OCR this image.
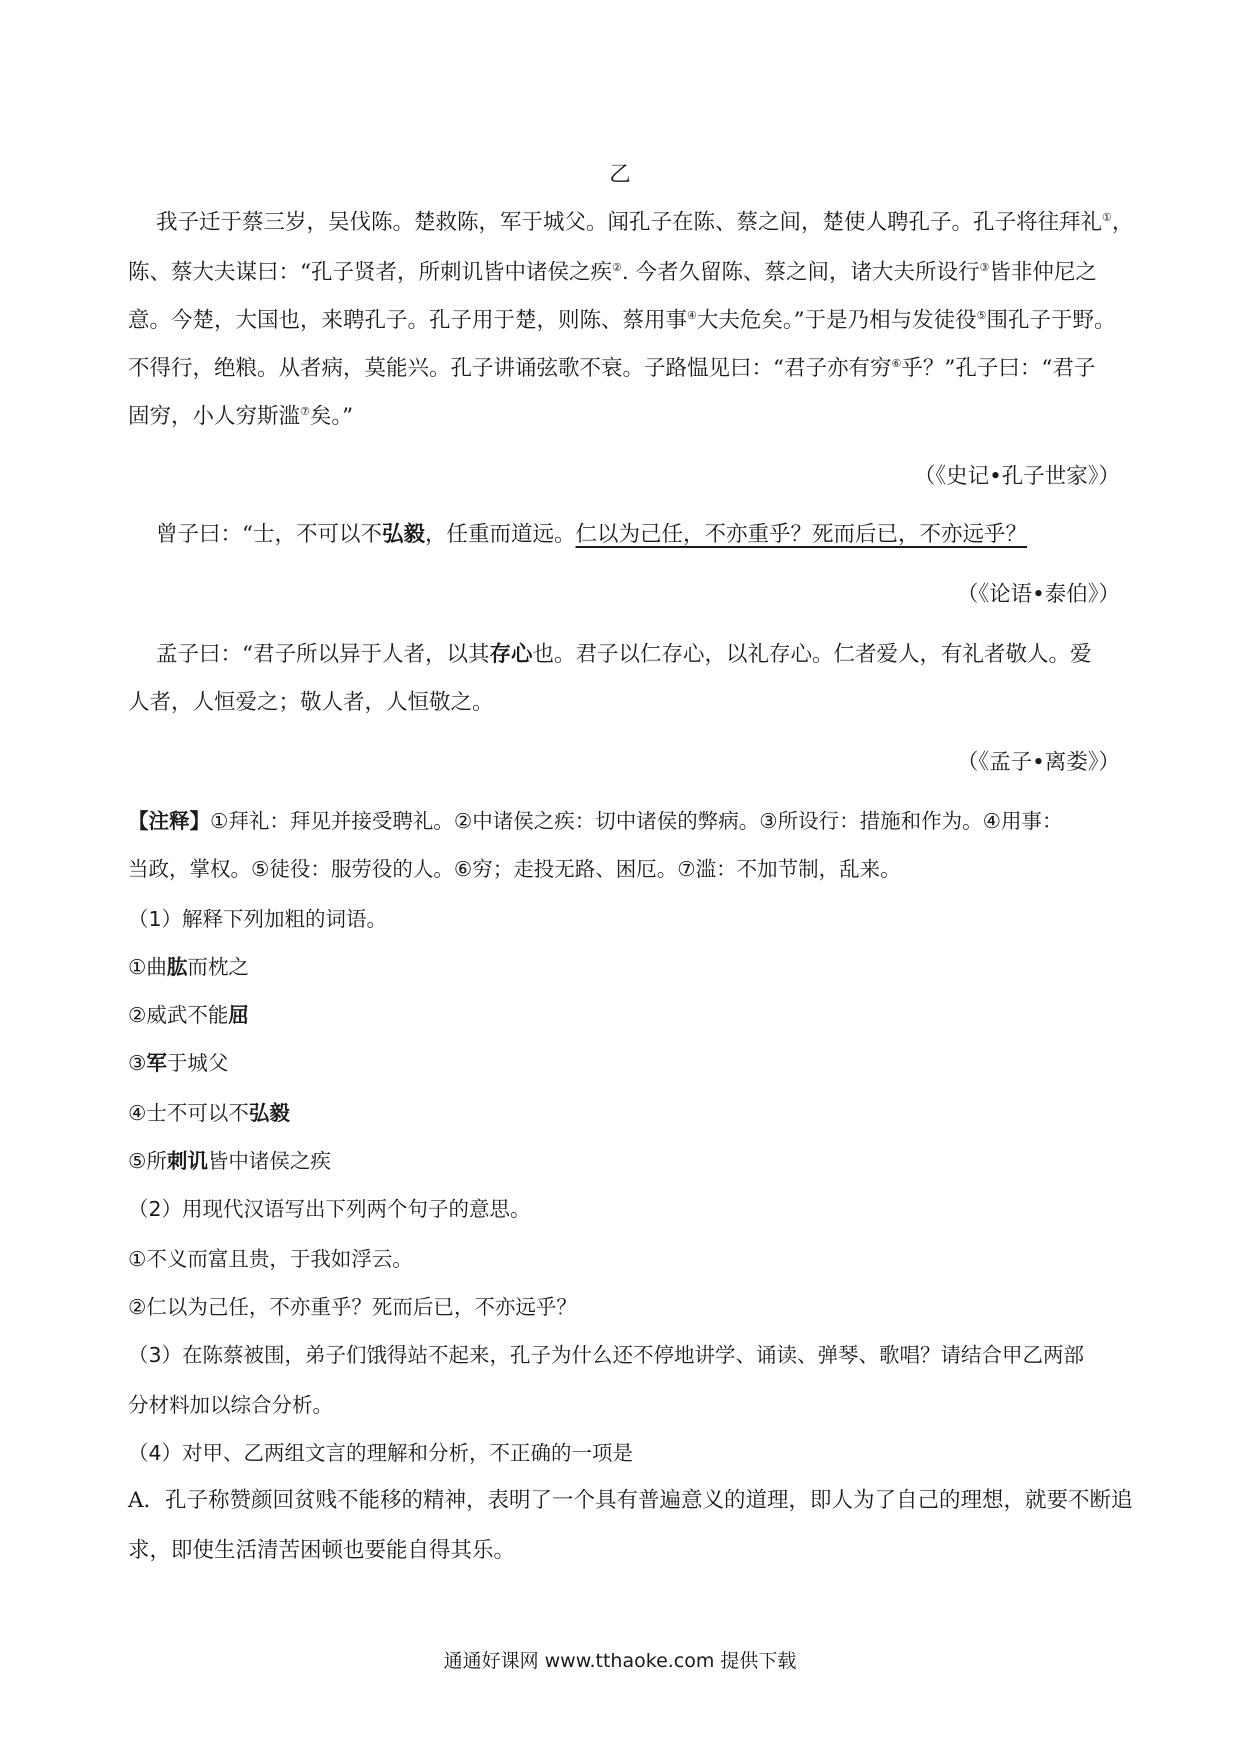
乙
我子迁于蔡三岁，吴伐陈。楚救陈，军于城父。闻孔子在陈、蔡之间，楚使人聘孔子。孔子将往拜礼①，
陈、蔡大夫谋曰：“孔子贤者，所刺讥皆中诸侯之疾②. 今者久留陈、蔡之间，诸大夫所设行③皆非仲尼之
意。今楚，大国也，来聘孔子。孔子用于楚，则陈、蔡用事④大夫危矣。”于是乃相与发徒役⑤围孔子于野。
不得行，绝粮。从者病，莫能兴。孔子讲诵弦歌不衰。子路愠见曰：“君子亦有穷⑥乎？”孔子曰：“君子
固穷，小人穷斯滥⑦矣。”
（《史记•孔子世家》）
曾子曰：“士，不可以不弘毅，任重而道远。仁以为己任，不亦重乎？死而后已，不亦远乎？
（《论语•泰伯》）
孟子曰：“君子所以异于人者，以其存心也。君子以仁存心，以礼存心。仁者爱人，有礼者敬人。爱
人者，人恒爱之；敬人者，人恒敬之。
（《孟子•离娄》）
【注释】①拜礼：拜见并接受聘礼。②中诸侯之疾：切中诸侯的弊病。③所设行：措施和作为。④用事：
当政，掌权。⑤徒役：服劳役的人。⑥穷；走投无路、困厄。⑦滥：不加节制，乱来。
（1）解释下列加粗的词语。
①曲肱而枕之
②威武不能屈
③军于城父
④士不可以不弘毅
⑤所刺讥皆中诸侯之疾
（2）用现代汉语写出下列两个句子的意思。
①不义而富且贵，于我如浮云。
②仁以为己任，不亦重乎？死而后已，不亦远乎？
（3）在陈蔡被围，弟子们饿得站不起来，孔子为什么还不停地讲学、诵读、弹琴、歌唱？请结合甲乙两部
分材料加以综合分析。
（4）对甲、乙两组文言的理解和分析，不正确的一项是
A．孔子称赞颜回贫贱不能移的精神，表明了一个具有普遍意义的道理，即人为了自己的理想，就要不断追
求，即使生活清苦困顿也要能自得其乐。
通通好课网 www.tthaoke.com 提供下载
